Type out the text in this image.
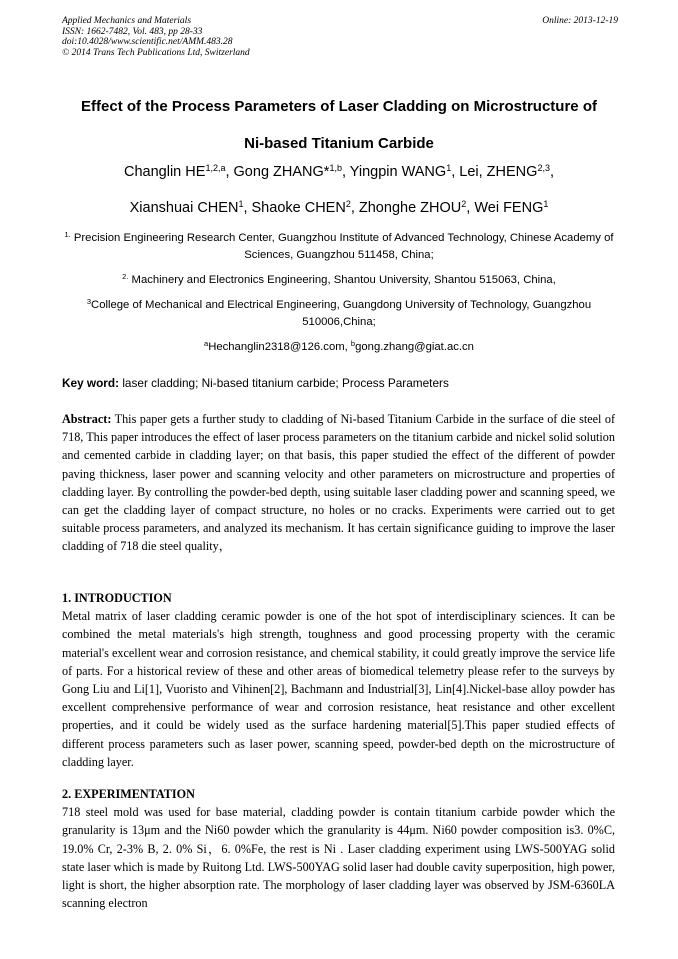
Applied Mechanics and Materials
ISSN: 1662-7482, Vol. 483, pp 28-33
doi:10.4028/www.scientific.net/AMM.483.28
© 2014 Trans Tech Publications Ltd, Switzerland
Online: 2013-12-19
Effect of the Process Parameters of Laser Cladding on Microstructure of
Ni-based Titanium Carbide
Changlin HE$^{1,2,a}$, Gong ZHANG*$^{1,b}$, Yingpin WANG$^1$, Lei, ZHENG$^{2,3}$,
Xianshuai CHEN$^1$, Shaoke CHEN$^2$, Zhonghe ZHOU$^2$, Wei FENG$^1$
$^{1.}$ Precision Engineering Research Center, Guangzhou Institute of Advanced Technology, Chinese Academy of Sciences, Guangzhou 511458, China;
$^{2.}$ Machinery and Electronics Engineering, Shantou University, Shantou 515063, China,
$^3$College of Mechanical and Electrical Engineering, Guangdong University of Technology, Guangzhou 510006,China;
$^a$Hechanglin2318@126.com, $^b$gong.zhang@giat.ac.cn
Key word: laser cladding; Ni-based titanium carbide; Process Parameters
Abstract: This paper gets a further study to cladding of Ni-based Titanium Carbide in the surface of die steel of 718, This paper introduces the effect of laser process parameters on the titanium carbide and nickel solid solution and cemented carbide in cladding layer; on that basis, this paper studied the effect of the different of powder paving thickness, laser power and scanning velocity and other parameters on microstructure and properties of cladding layer. By controlling the powder-bed depth, using suitable laser cladding power and scanning speed, we can get the cladding layer of compact structure, no holes or no cracks. Experiments were carried out to get suitable process parameters, and analyzed its mechanism. It has certain significance guiding to improve the laser cladding of 718 die steel quality，
1. INTRODUCTION

Metal matrix of laser cladding ceramic powder is one of the hot spot of interdisciplinary sciences. It can be combined the metal materials's high strength, toughness and good processing property with the ceramic material's excellent wear and corrosion resistance, and chemical stability, it could greatly improve the service life of parts. For a historical review of these and other areas of biomedical telemetry please refer to the surveys by Gong Liu and Li[1], Vuoristo and Vihinen[2], Bachmann and Industrial[3], Lin[4].Nickel-base alloy powder has excellent comprehensive performance of wear and corrosion resistance, heat resistance and other excellent properties, and it could be widely used as the surface hardening material[5].This paper studied effects of different process parameters such as laser power, scanning speed, powder-bed depth on the microstructure of cladding layer.

2. EXPERIMENTATION

718 steel mold was used for base material, cladding powder is contain titanium carbide powder which the granularity is 13μm and the Ni60 powder which the granularity is 44μm. Ni60 powder composition is3. 0%C, 19.0% Cr, 2-3% B, 2. 0% Si，6. 0%Fe, the rest is Ni . Laser cladding experiment using LWS-500YAG solid state laser which is made by Ruitong Ltd. LWS-500YAG solid laser had double cavity superposition, high power, light is short, the higher absorption rate. The morphology of laser cladding layer was observed by JSM-6360LA scanning electron
